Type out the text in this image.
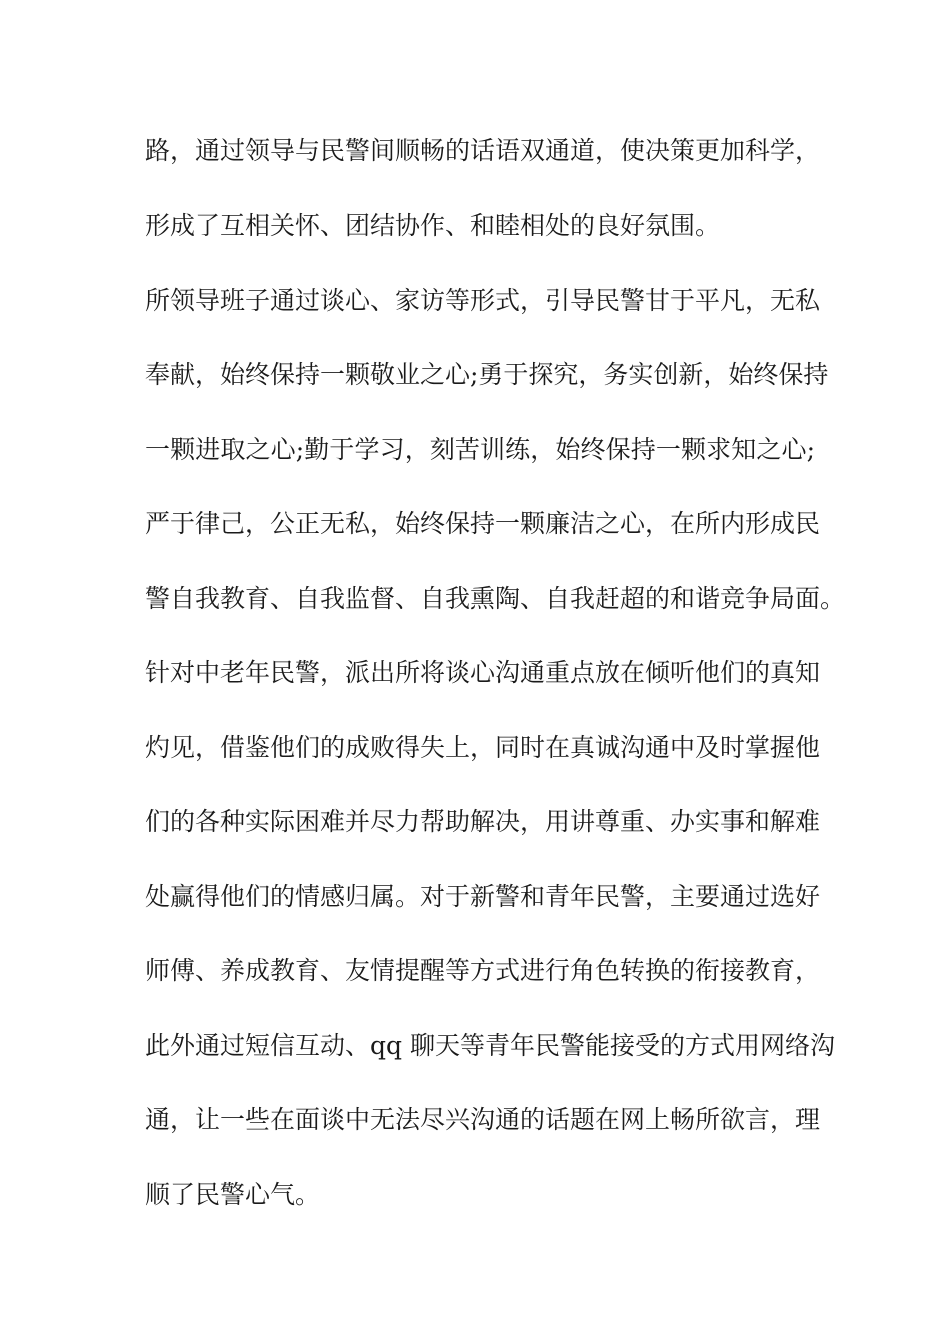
路，通过领导与民警间顺畅的话语双通道，使决策更加科学，
形成了互相关怀、团结协作、和睦相处的良好氛围。
所领导班子通过谈心、家访等形式，引导民警甘于平凡，无私
奉献，始终保持一颗敬业之心;勇于探究，务实创新，始终保持
一颗进取之心;勤于学习，刻苦训练，始终保持一颗求知之心;
严于律己，公正无私，始终保持一颗廉洁之心，在所内形成民
警自我教育、自我监督、自我熏陶、自我赶超的和谐竞争局面。
针对中老年民警，派出所将谈心沟通重点放在倾听他们的真知
灼见，借鉴他们的成败得失上，同时在真诚沟通中及时掌握他
们的各种实际困难并尽力帮助解决，用讲尊重、办实事和解难
处赢得他们的情感归属。对于新警和青年民警，主要通过选好
师傅、养成教育、友情提醒等方式进行角色转换的衔接教育，
此外通过短信互动、qq 聊天等青年民警能接受的方式用网络沟
通，让一些在面谈中无法尽兴沟通的话题在网上畅所欲言，理
顺了民警心气。
